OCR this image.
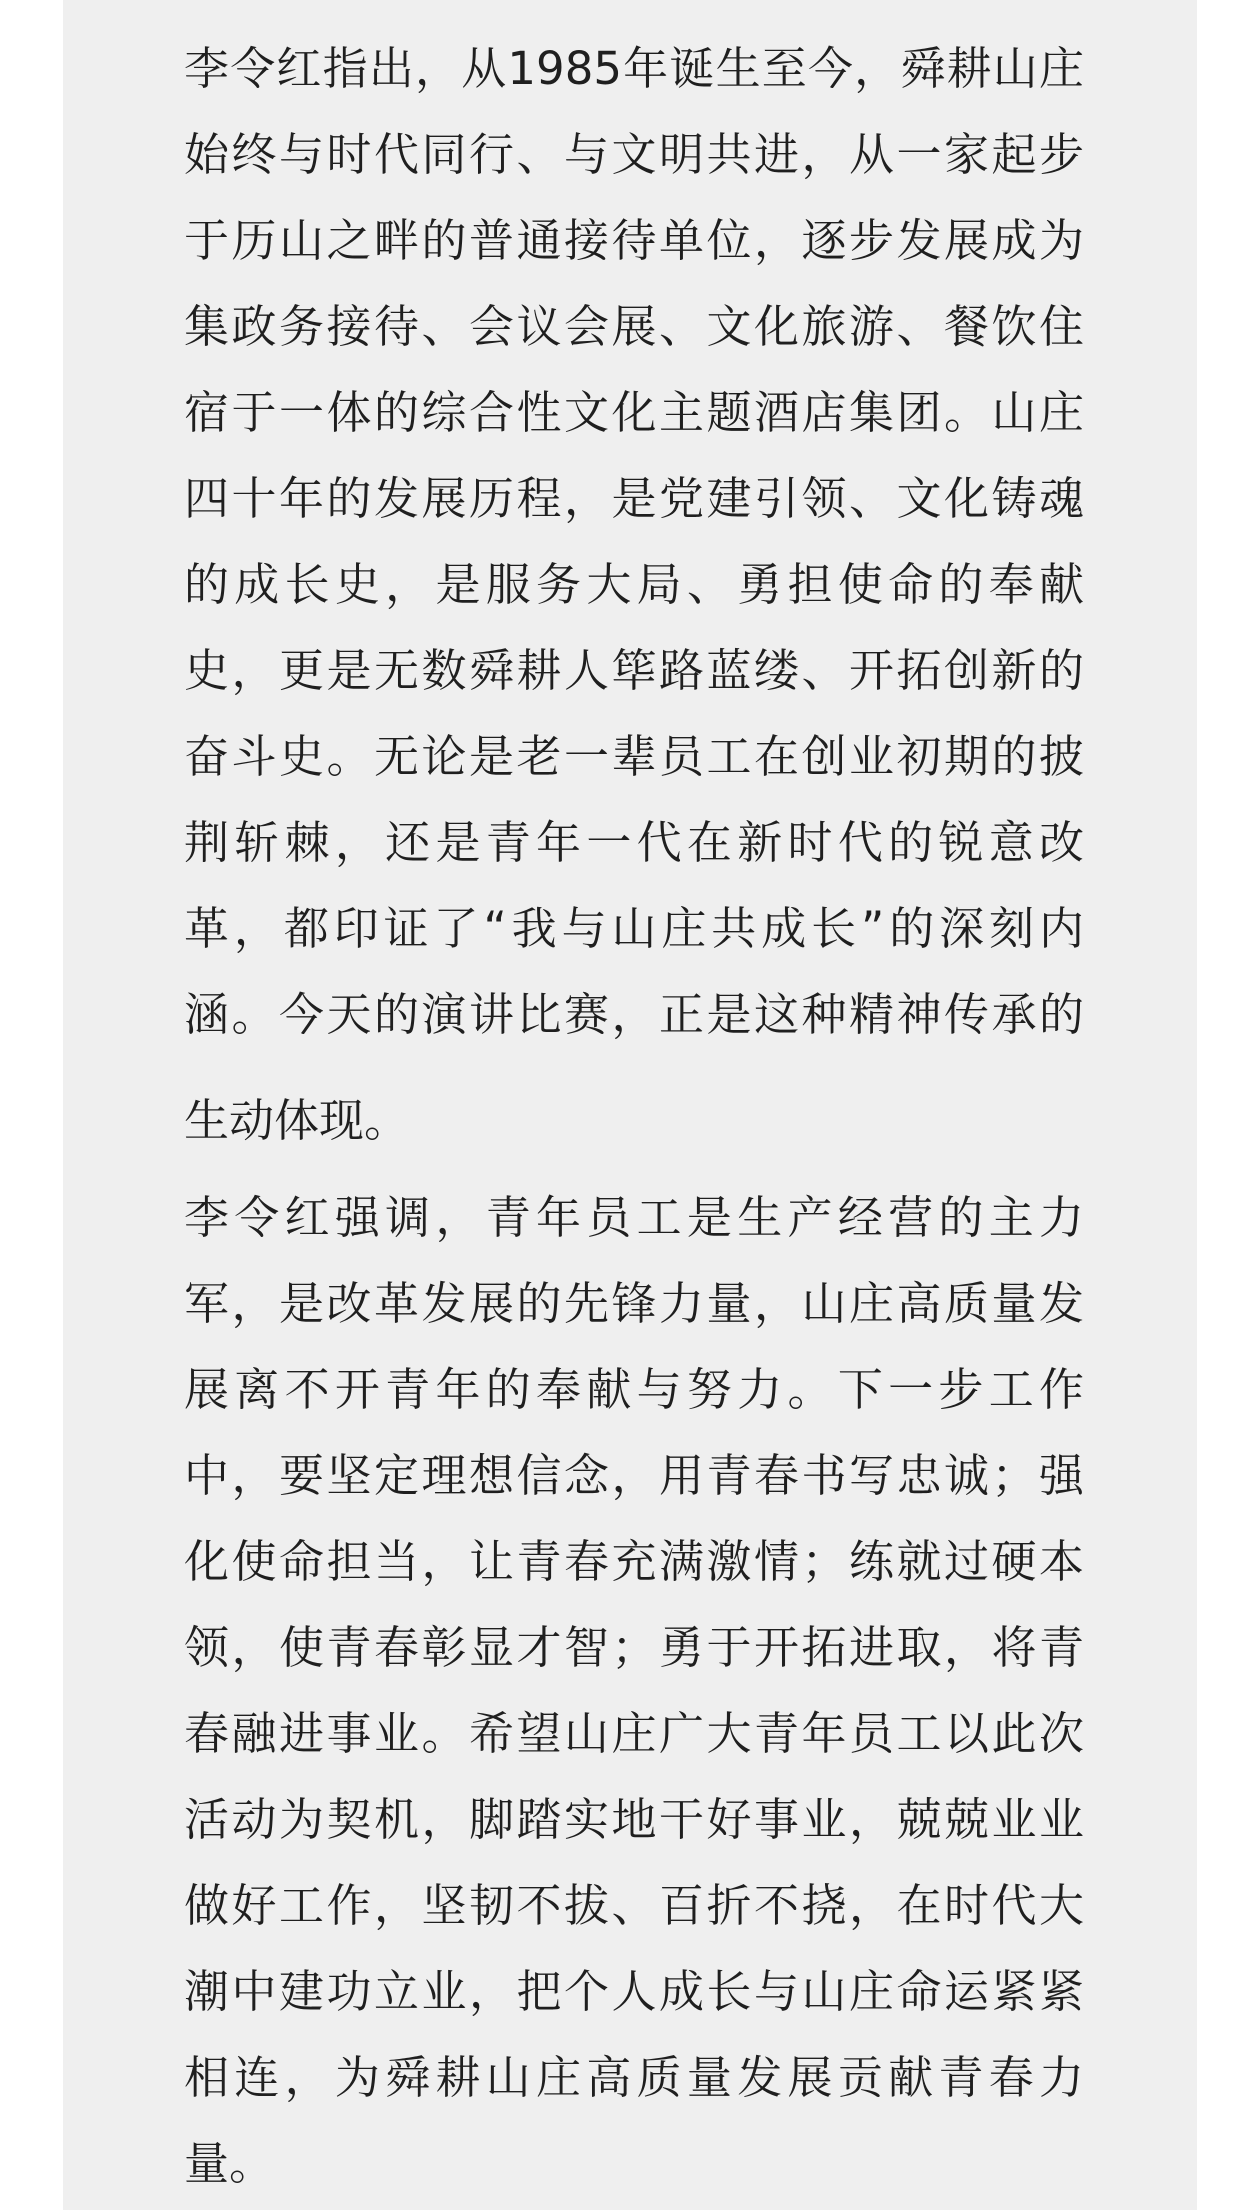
李令红指出，从1985年诞生至今，舜耕山庄
始终与时代同行、与文明共进，从一家起步
于历山之畔的普通接待单位，逐步发展成为
集政务接待、会议会展、文化旅游、餐饮住
宿于一体的综合性文化主题酒店集团。山庄
四十年的发展历程，是党建引领、文化铸魂
的成长史，是服务大局、勇担使命的奉献
史，更是无数舜耕人筚路蓝缕、开拓创新的
奋斗史。无论是老一辈员工在创业初期的披
荆斩棘，还是青年一代在新时代的锐意改
革，都印证了“我与山庄共成长”的深刻内
涵。今天的演讲比赛，正是这种精神传承的
生动体现。

李令红强调，青年员工是生产经营的主力
军，是改革发展的先锋力量，山庄高质量发
展离不开青年的奉献与努力。下一步工作
中，要坚定理想信念，用青春书写忠诚；强
化使命担当，让青春充满激情；练就过硬本
领，使青春彰显才智；勇于开拓进取，将青
春融进事业。希望山庄广大青年员工以此次
活动为契机，脚踏实地干好事业，兢兢业业
做好工作，坚韧不拔、百折不挠，在时代大
潮中建功立业，把个人成长与山庄命运紧紧
相连，为舜耕山庄高质量发展贡献青春力
量。
